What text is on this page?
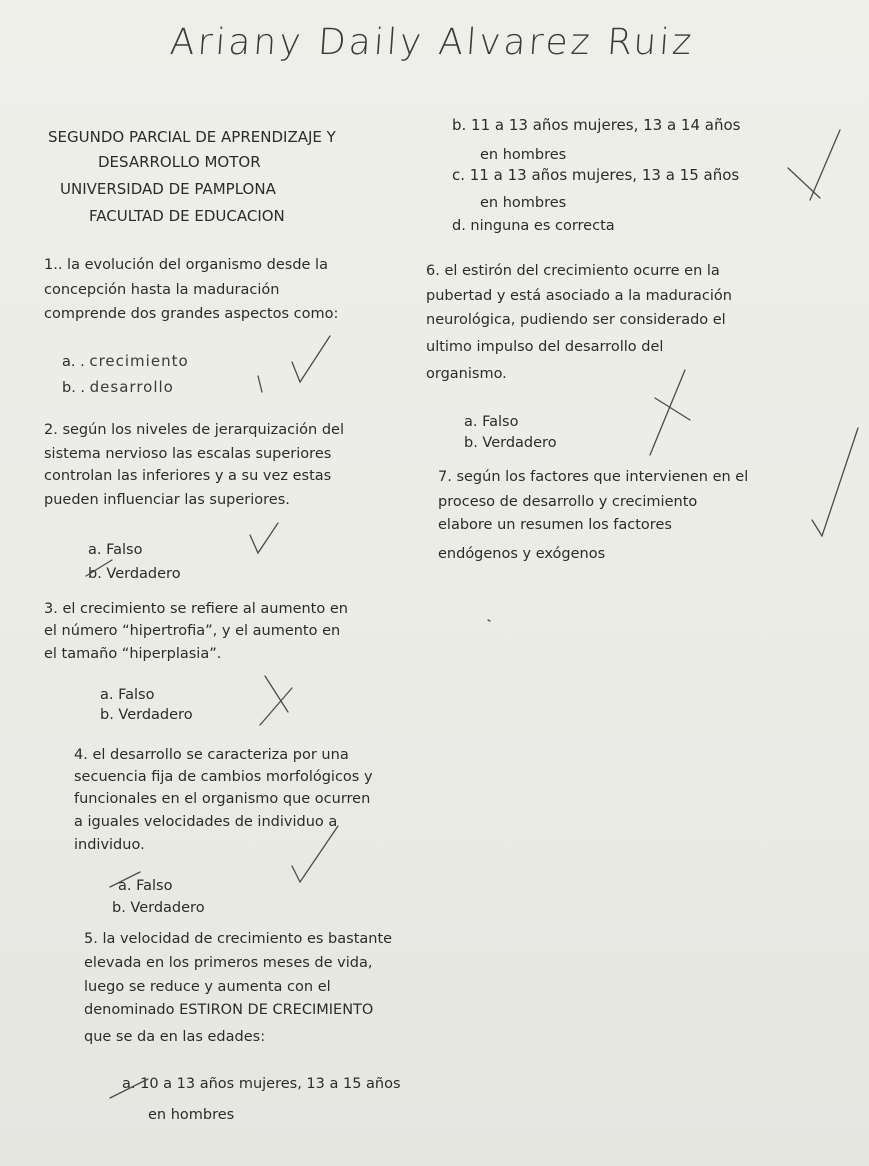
Ariany Daily Alvarez Ruiz
SEGUNDO PARCIAL DE APRENDIZAJE Y
DESARROLLO MOTOR
UNIVERSIDAD DE PAMPLONA
FACULTAD DE EDUCACION
1.. la evolución del organismo desde la
concepción hasta la maduración
comprende dos grandes aspectos como:
a. . crecimiento
b. . desarrollo
2. según los niveles de jerarquización del
sistema nervioso las escalas superiores
controlan las inferiores y a su vez estas
pueden influenciar las superiores.
a. Falso
b. Verdadero
3. el crecimiento se refiere al aumento en
el número “hipertrofia”, y el aumento en
el tamaño “hiperplasia”.
a. Falso
b. Verdadero
4. el desarrollo se caracteriza por una
secuencia fija de cambios morfológicos y
funcionales en el organismo que ocurren
a iguales velocidades de individuo a
individuo.
a. Falso
b. Verdadero
5. la velocidad de crecimiento es bastante
elevada en los primeros meses de vida,
luego se reduce y aumenta con el
denominado ESTIRON DE CRECIMIENTO
que se da en las edades:
a. 10 a 13 años mujeres, 13 a 15 años
en hombres
b. 11 a 13 años mujeres, 13 a 14 años
en hombres
c. 11 a 13 años mujeres, 13 a 15 años
en hombres
d. ninguna es correcta
6. el estirón del crecimiento ocurre en la
pubertad y está asociado a la maduración
neurológica, pudiendo ser considerado el
ultimo impulso del desarrollo del
organismo.
a. Falso
b. Verdadero
7. según los factores que intervienen en el
proceso de desarrollo y crecimiento
elabore un resumen los factores
endógenos y exógenos
